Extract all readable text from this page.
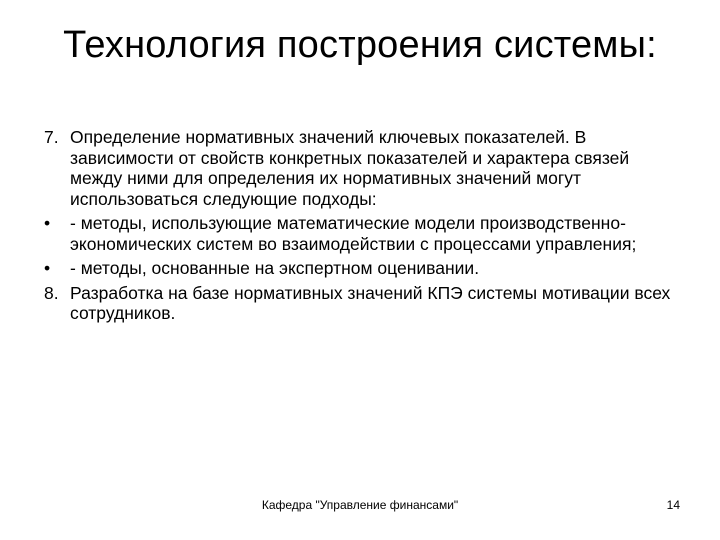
Технология построения системы:
7. Определение нормативных значений ключевых показателей. В зависимости от свойств конкретных показателей и характера связей между ними для определения их нормативных значений могут использоваться следующие подходы:
• - методы, использующие математические модели производственно-экономических систем во взаимодействии с процессами управления;
• - методы, основанные на экспертном оценивании.
8. Разработка на базе нормативных значений КПЭ системы мотивации всех сотрудников.
Кафедра "Управление финансами"	14
